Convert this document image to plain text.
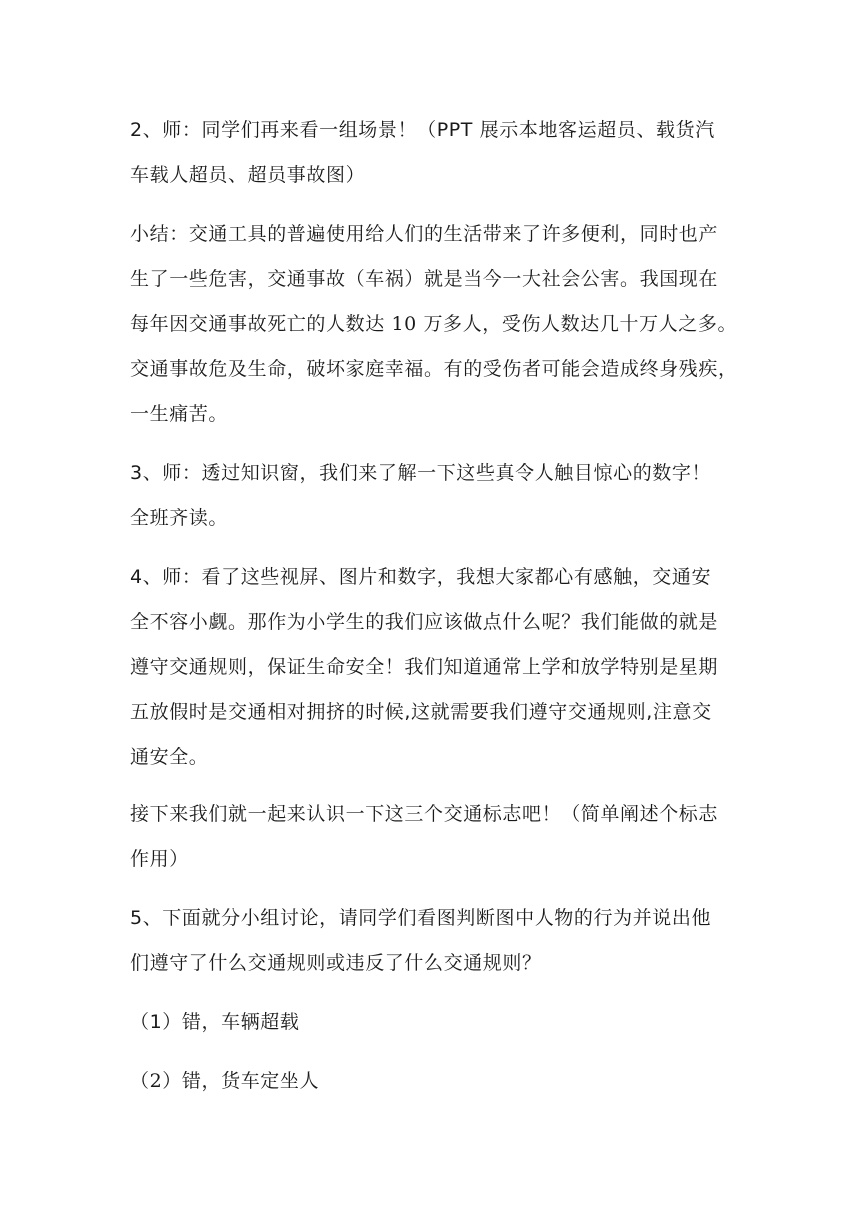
2、师：同学们再来看一组场景！（PPT 展示本地客运超员、载货汽
车载人超员、超员事故图）

小结：交通工具的普遍使用给人们的生活带来了许多便利，同时也产
生了一些危害，交通事故（车祸）就是当今一大社会公害。我国现在
每年因交通事故死亡的人数达 10 万多人，受伤人数达几十万人之多。
交通事故危及生命，破坏家庭幸福。有的受伤者可能会造成终身残疾，
一生痛苦。

3、师：透过知识窗，我们来了解一下这些真令人触目惊心的数字！
全班齐读。

4、师：看了这些视屏、图片和数字，我想大家都心有感触，交通安
全不容小觑。那作为小学生的我们应该做点什么呢？我们能做的就是
遵守交通规则，保证生命安全！我们知道通常上学和放学特别是星期
五放假时是交通相对拥挤的时候,这就需要我们遵守交通规则,注意交
通安全。

接下来我们就一起来认识一下这三个交通标志吧！（简单阐述个标志
作用）

5、下面就分小组讨论，请同学们看图判断图中人物的行为并说出他
们遵守了什么交通规则或违反了什么交通规则？

（1）错，车辆超载

（2）错，货车定坐人
